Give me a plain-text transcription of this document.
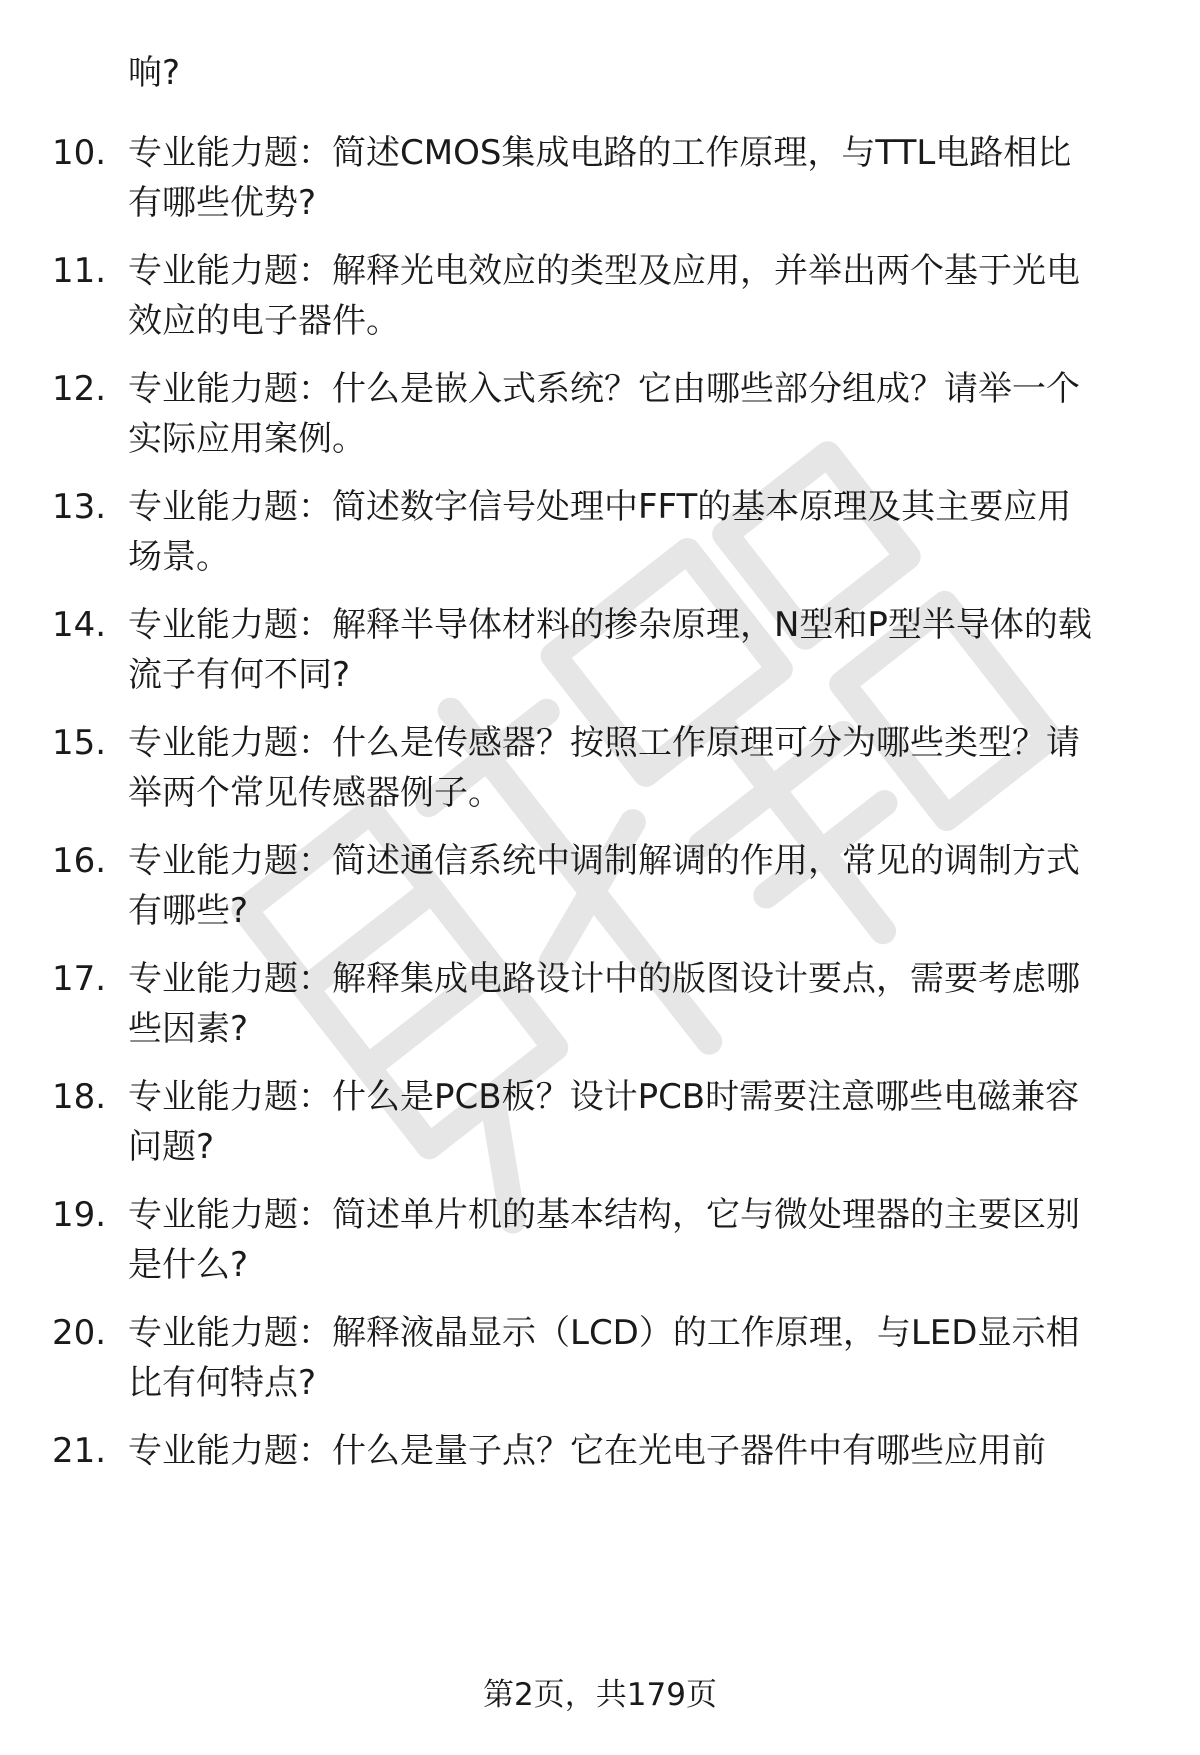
响?
10. 专业能力题：简述CMOS集成电路的工作原理，与TTL电路相比
有哪些优势?
11. 专业能力题：解释光电效应的类型及应用，并举出两个基于光电
效应的电子器件。
12. 专业能力题：什么是嵌入式系统？它由哪些部分组成？请举一个
实际应用案例。
13. 专业能力题：简述数字信号处理中FFT的基本原理及其主要应用
场景。
14. 专业能力题：解释半导体材料的掺杂原理，N型和P型半导体的载
流子有何不同?
15. 专业能力题：什么是传感器？按照工作原理可分为哪些类型？请
举两个常见传感器例子。
16. 专业能力题：简述通信系统中调制解调的作用，常见的调制方式
有哪些?
17. 专业能力题：解释集成电路设计中的版图设计要点，需要考虑哪
些因素?
18. 专业能力题：什么是PCB板？设计PCB时需要注意哪些电磁兼容
问题?
19. 专业能力题：简述单片机的基本结构，它与微处理器的主要区别
是什么?
20. 专业能力题：解释液晶显示（LCD）的工作原理，与LED显示相
比有何特点?
21. 专业能力题：什么是量子点？它在光电子器件中有哪些应用前
第2页，共179页
